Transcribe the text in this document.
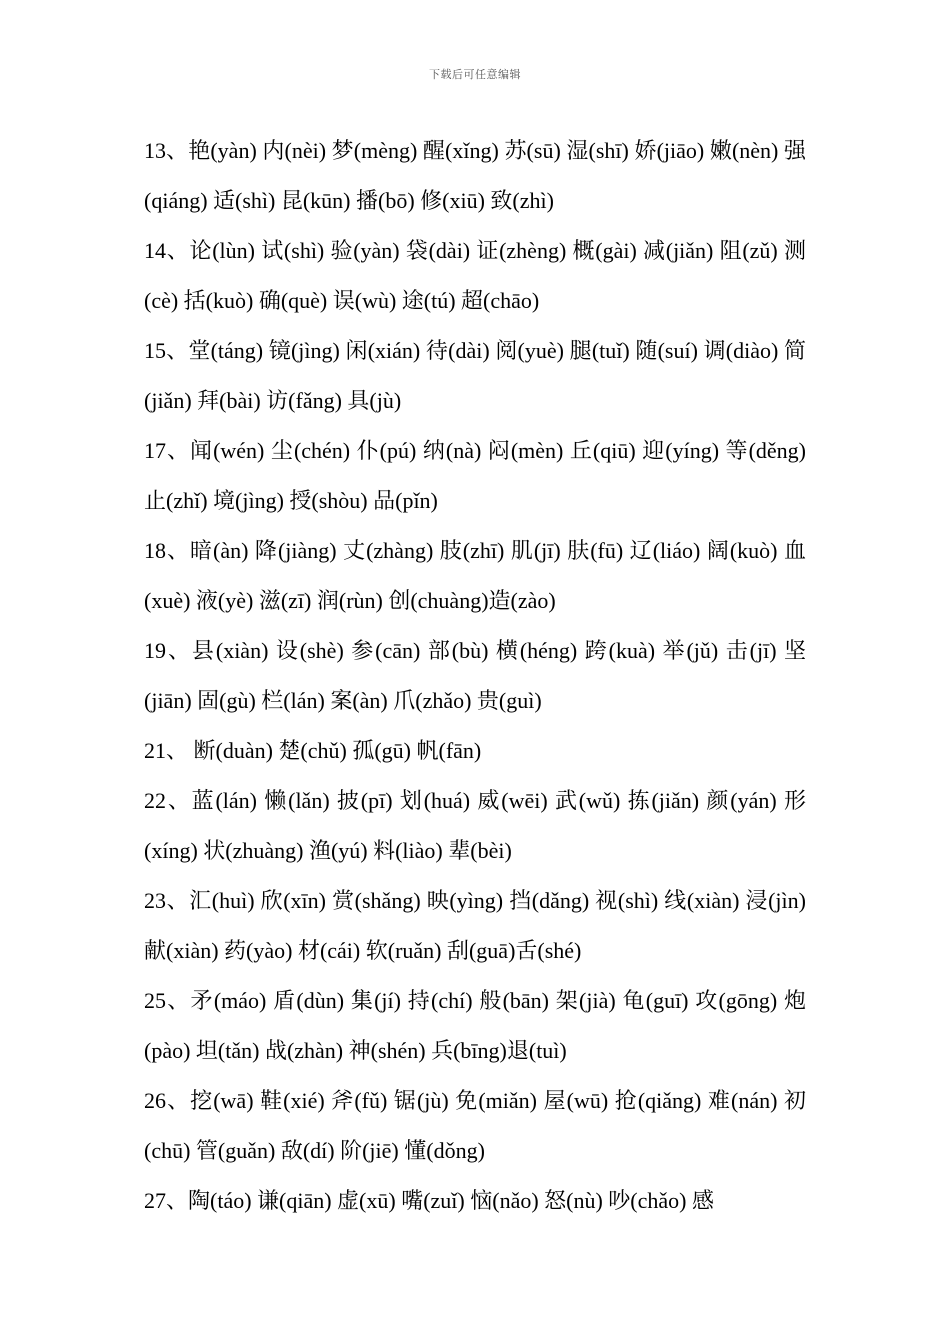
下载后可任意编辑

13、艳(yàn) 内(nèi) 梦(mèng) 醒(xǐng) 苏(sū) 湿(shī) 娇(jiāo) 嫩(nèn) 强(qiáng) 适(shì) 昆(kūn) 播(bō) 修(xiū) 致(zhì)

14、论(lùn) 试(shì) 验(yàn) 袋(dài) 证(zhèng) 概(gài) 减(jiǎn) 阻(zǔ) 测(cè) 括(kuò) 确(què) 误(wù) 途(tú) 超(chāo)

15、堂(táng) 镜(jìng) 闲(xián) 待(dài) 阅(yuè) 腿(tuǐ) 随(suí) 调(diào) 简(jiǎn) 拜(bài) 访(fǎng) 具(jù)

17、闻(wén) 尘(chén) 仆(pú) 纳(nà) 闷(mèn) 丘(qiū) 迎(yíng) 等(děng) 止(zhǐ) 境(jìng) 授(shòu) 品(pǐn)

18、暗(àn) 降(jiàng) 丈(zhàng) 肢(zhī) 肌(jī) 肤(fū) 辽(liáo) 阔(kuò) 血(xuè) 液(yè) 滋(zī) 润(rùn) 创(chuàng)造(zào)

19、县(xiàn) 设(shè) 参(cān) 部(bù) 横(héng) 跨(kuà) 举(jǔ) 击(jī) 坚(jiān) 固(gù) 栏(lán) 案(àn) 爪(zhǎo) 贵(guì)

21、 断(duàn) 楚(chǔ) 孤(gū) 帆(fān)

22、蓝(lán) 懒(lǎn) 披(pī) 划(huá) 威(wēi) 武(wǔ) 拣(jiǎn) 颜(yán) 形(xíng) 状(zhuàng) 渔(yú) 料(liào) 辈(bèi)

23、汇(huì) 欣(xīn) 赏(shǎng) 映(yìng) 挡(dǎng) 视(shì) 线(xiàn) 浸(jìn) 献(xiàn) 药(yào) 材(cái) 软(ruǎn) 刮(guā)舌(shé)

25、矛(máo) 盾(dùn) 集(jí) 持(chí) 般(bān) 架(jià) 龟(guī) 攻(gōng) 炮(pào) 坦(tǎn) 战(zhàn) 神(shén) 兵(bīng)退(tuì)

26、挖(wā) 鞋(xié) 斧(fǔ) 锯(jù) 免(miǎn) 屋(wū) 抢(qiǎng) 难(nán) 初(chū) 管(guǎn) 敌(dí) 阶(jiē) 懂(dǒng)

27、陶(táo) 谦(qiān) 虚(xū) 嘴(zuǐ) 恼(nǎo) 怒(nù) 吵(chǎo) 感
